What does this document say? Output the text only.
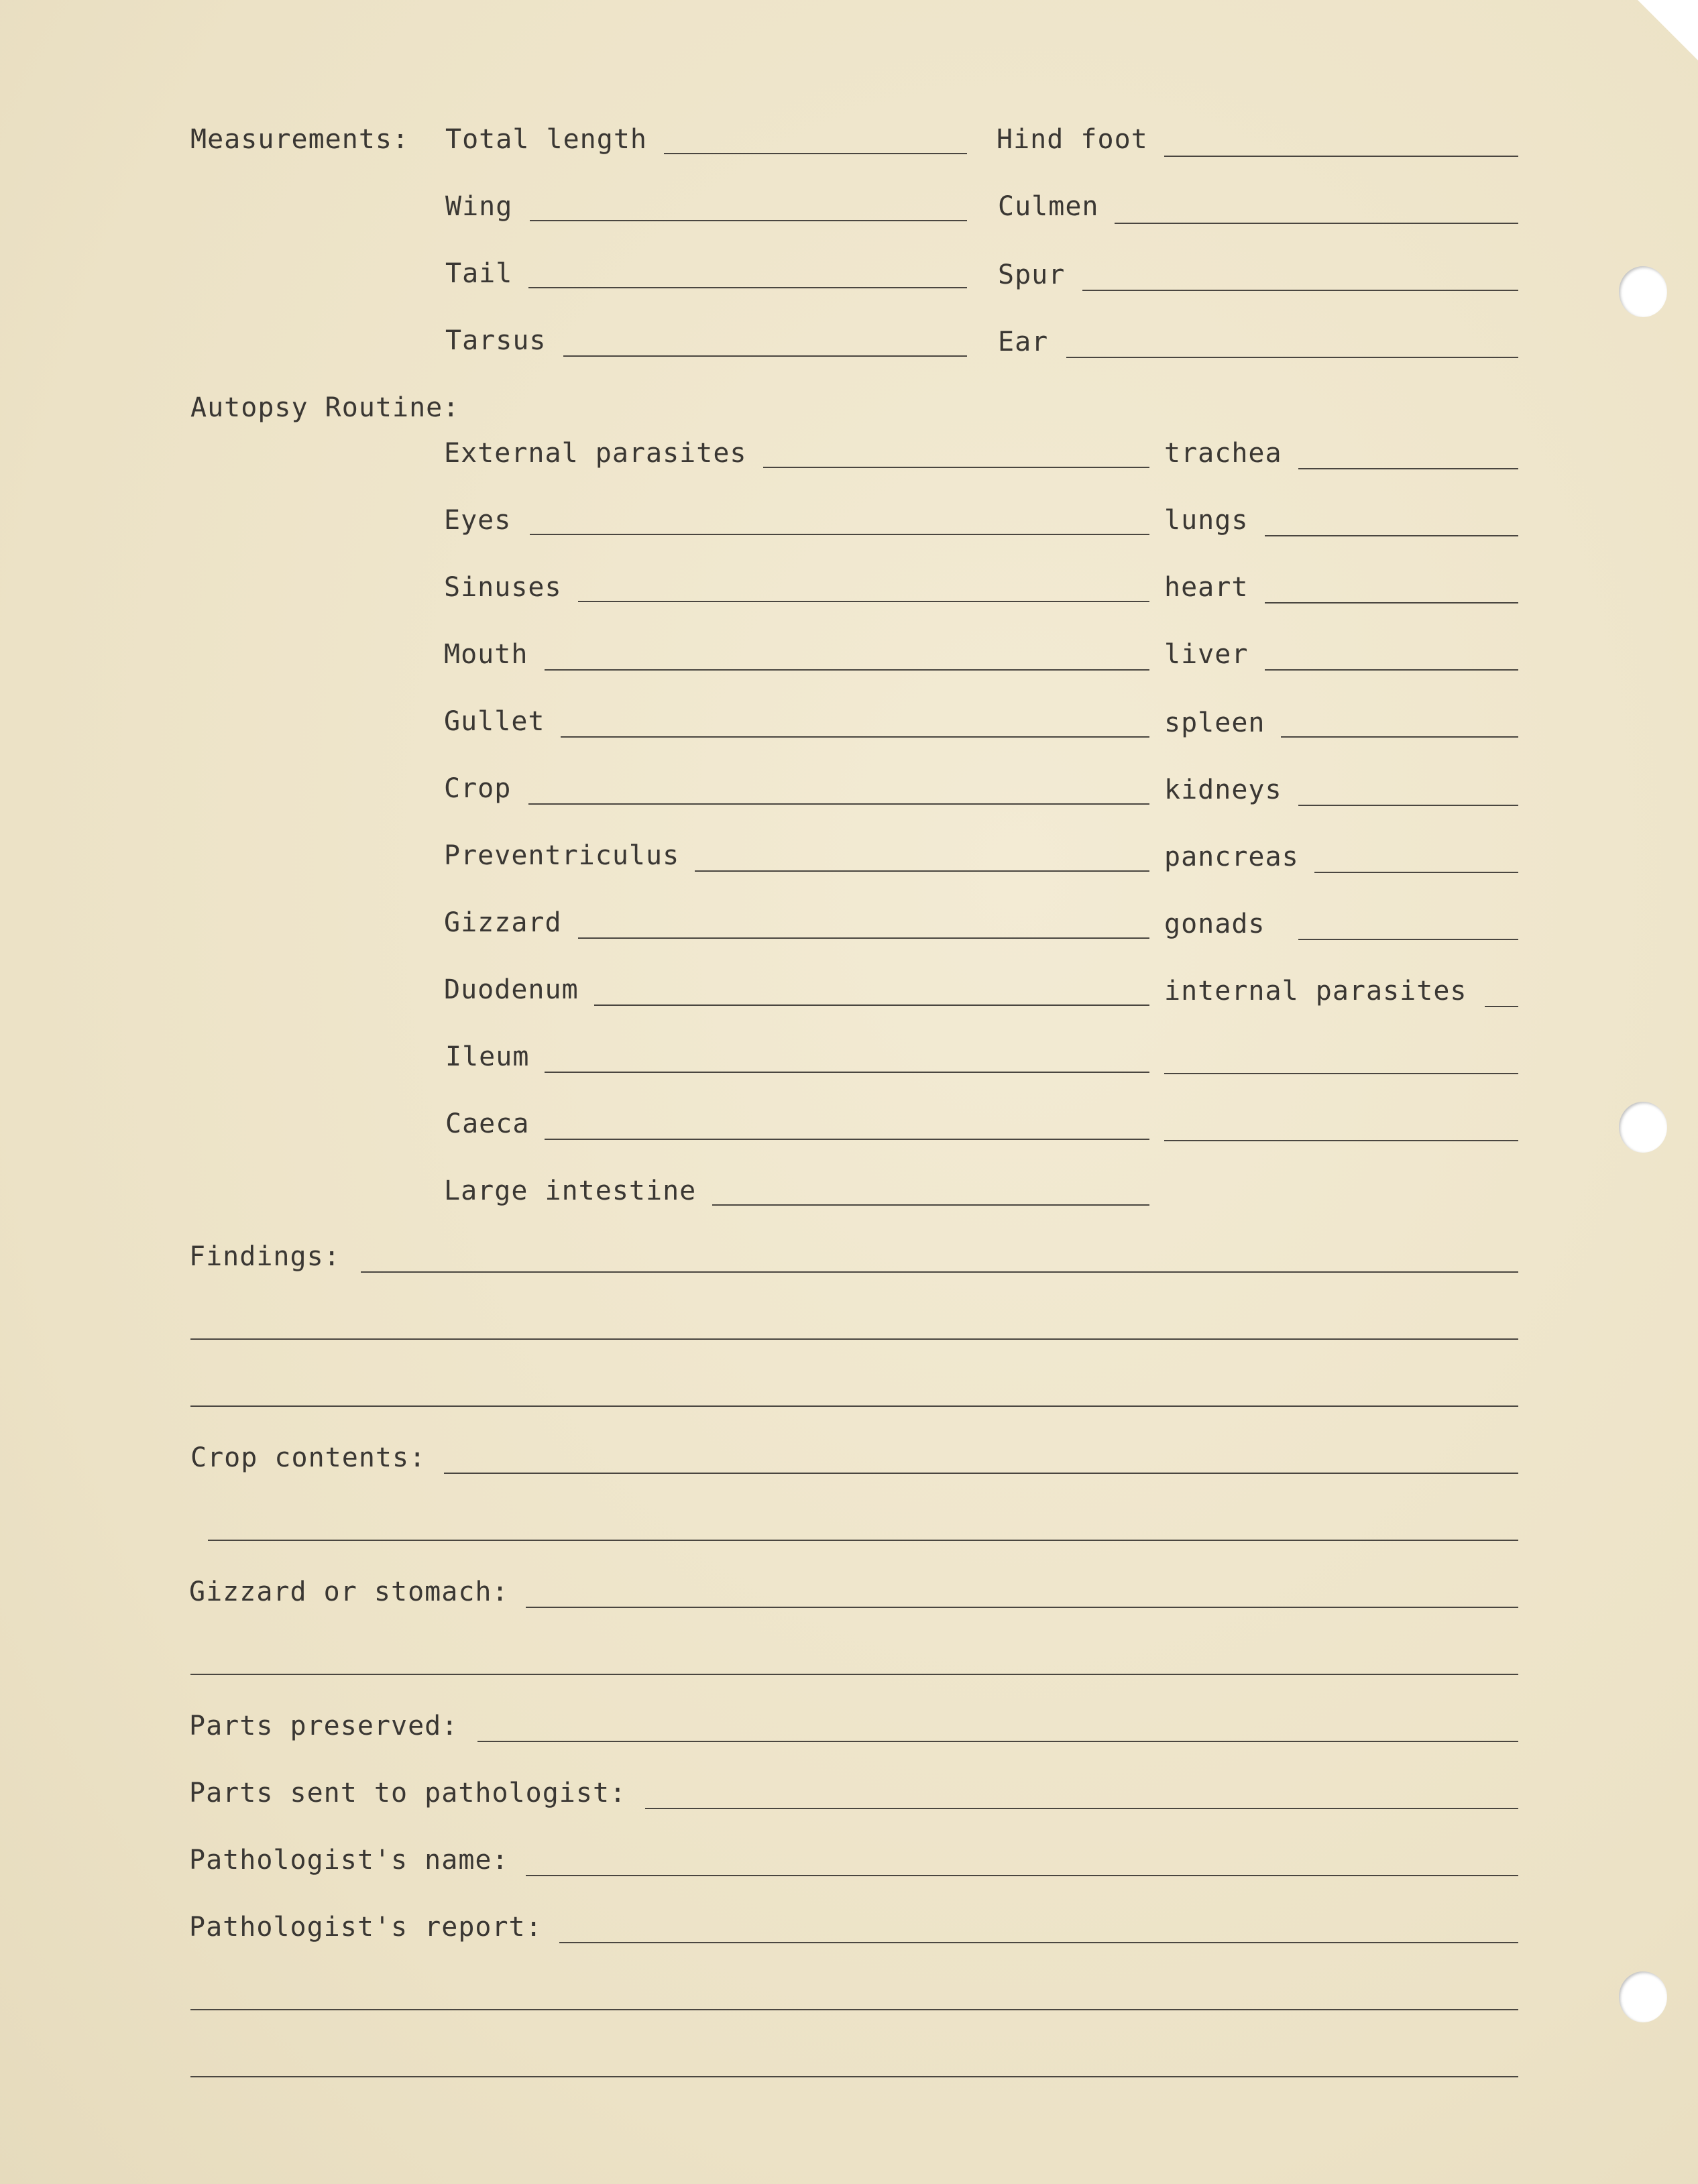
Measurements: Total length	Hind foot
Wing	Culmen
Tail	Spur
Tarsus	Ear
Autopsy Routine:
External parasites	trachea
Eyes	lungs
Sinuses	heart
Mouth	liver
Gullet	spleen
Crop	kidneys
Preventriculus	pancreas
Gizzard	gonads
Duodenum	internal parasites
Ileum
Caeca
Large intestine
Findings:
Crop contents:
Gizzard or stomach:
Parts preserved:
Parts sent to pathologist:
Pathologist's name:
Pathologist's report:
